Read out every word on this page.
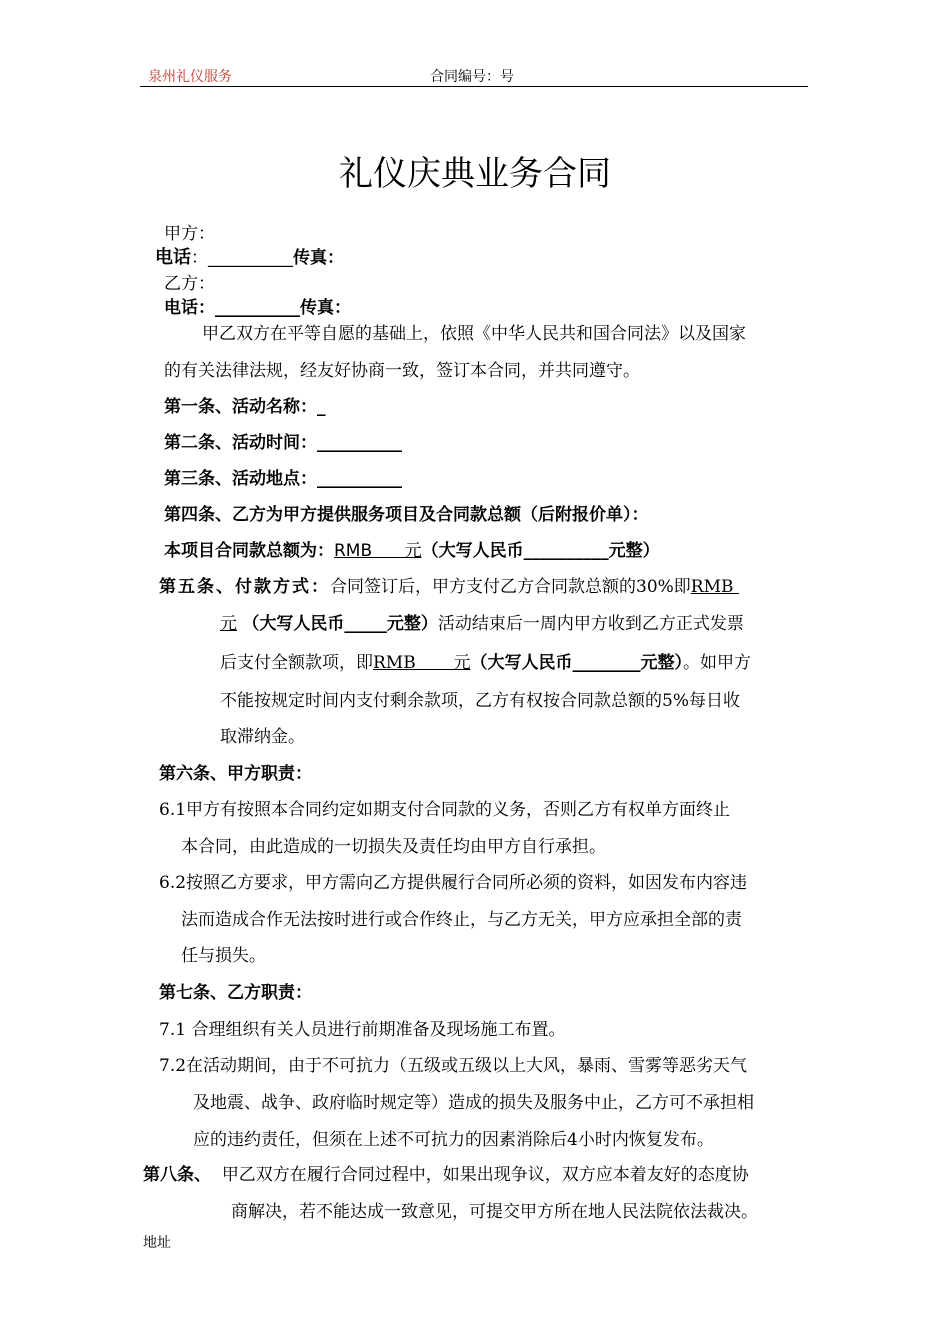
泉州礼仪服务	合同编号：号
礼仪庆典业务合同
甲方：
电话：__________传真：
乙方：
电话：__________传真：
甲乙双方在平等自愿的基础上，依照《中华人民共和国合同法》以及国家
的有关法律法规，经友好协商一致，签订本合同，并共同遵守。
第一条、活动名称：_
第二条、活动时间：__________
第三条、活动地点：__________
第四条、乙方为甲方提供服务项目及合同款总额（后附报价单）：
本项目合同款总额为：RMB      元（大写人民币__________元整）
第五条、付款方式：合同签订后，甲方支付乙方合同款总额的30%即RMB
元 （大写人民币_____元整）活动结束后一周内甲方收到乙方正式发票
后支付全额款项，即RMB       元（大写人民币________元整）。如甲方
不能按规定时间内支付剩余款项，乙方有权按合同款总额的5%每日收
取滞纳金。
第六条、甲方职责：
6.1甲方有按照本合同约定如期支付合同款的义务，否则乙方有权单方面终止
本合同，由此造成的一切损失及责任均由甲方自行承担。
6.2按照乙方要求，甲方需向乙方提供履行合同所必须的资料，如因发布内容违
法而造成合作无法按时进行或合作终止，与乙方无关，甲方应承担全部的责
任与损失。
第七条、乙方职责：
7.1 合理组织有关人员进行前期准备及现场施工布置。
7.2在活动期间，由于不可抗力（五级或五级以上大风，暴雨、雪雾等恶劣天气
及地震、战争、政府临时规定等）造成的损失及服务中止，乙方可不承担相
应的违约责任，但须在上述不可抗力的因素消除后4小时内恢复发布。
第八条、 甲乙双方在履行合同过程中，如果出现争议，双方应本着友好的态度协
商解决，若不能达成一致意见，可提交甲方所在地人民法院依法裁决。
地址
